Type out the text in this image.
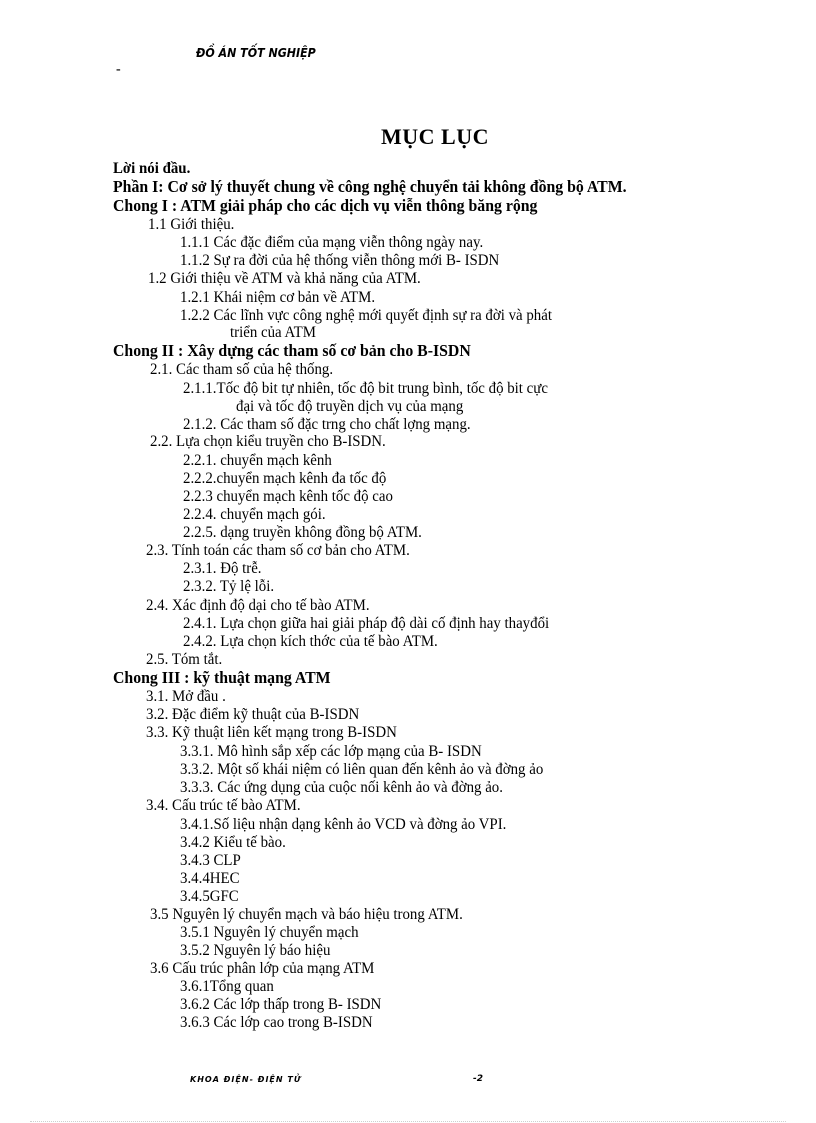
ĐỒ ÁN TỐT NGHIỆP
-
MỤC LỤC
Lời nói đầu.
Phần I: Cơ sở lý thuyết chung về công nghệ chuyển tải không đồng bộ ATM.
Chong I : ATM giải pháp cho các dịch vụ viễn thông băng rộng
1.1 Giới thiệu.
1.1.1 Các đặc điểm của mạng viễn thông ngày nay.
1.1.2 Sự ra đời của hệ thống viễn thông mới B- ISDN
1.2 Giới thiệu về ATM và khả năng của ATM.
1.2.1 Khái niệm cơ bản về ATM.
1.2.2 Các lĩnh vực công nghệ mới quyết định sự ra đời và phát
triển của ATM
Chong II : Xây dựng các tham số cơ bản cho B-ISDN
2.1. Các tham số của hệ thống.
2.1.1.Tốc độ bit tự nhiên, tốc độ bit trung bình, tốc độ bit cực
đại và tốc độ truyền dịch vụ của mạng
2.1.2. Các tham số đặc trng cho chất lợng mạng.
2.2. Lựa chọn kiểu truyền cho B-ISDN.
2.2.1. chuyển mạch kênh
2.2.2.chuyển mạch kênh đa tốc độ
2.2.3 chuyển mạch kênh tốc độ cao
2.2.4. chuyển mạch gói.
2.2.5. dạng truyền không đồng bộ ATM.
2.3. Tính toán các tham số cơ bản cho ATM.
2.3.1. Độ trễ.
2.3.2. Tỷ lệ lỗi.
2.4. Xác định độ dại cho tế bào ATM.
2.4.1. Lựa chọn giữa hai giải pháp độ dài cố định hay thayđổi
2.4.2. Lựa chọn kích thớc của tế bào ATM.
2.5. Tóm tắt.
Chong III : kỹ thuật mạng ATM
3.1. Mở đầu .
3.2. Đặc điểm kỹ thuật của B-ISDN
3.3. Kỹ thuật liên kết mạng trong B-ISDN
3.3.1. Mô hình sắp xếp các lớp mạng của B- ISDN
3.3.2. Một số khái niệm có liên quan đến kênh ảo và đờng ảo
3.3.3. Các ứng dụng của cuộc nối kênh ảo và đờng ảo.
3.4. Cấu trúc tế bào ATM.
3.4.1.Số liệu nhận dạng kênh ảo VCD và đờng ảo VPI.
3.4.2 Kiểu tế bào.
3.4.3 CLP
3.4.4HEC
3.4.5GFC
3.5 Nguyên lý chuyển mạch và báo hiệu trong ATM.
3.5.1 Nguyên lý chuyển mạch
3.5.2 Nguyên lý báo hiệu
3.6 Cấu trúc phân lớp của mạng ATM
3.6.1Tổng quan
3.6.2 Các lớp thấp trong B- ISDN
3.6.3 Các lớp cao trong B-ISDN
KHOA ĐIỆN- ĐIỆN TỬ	-2
